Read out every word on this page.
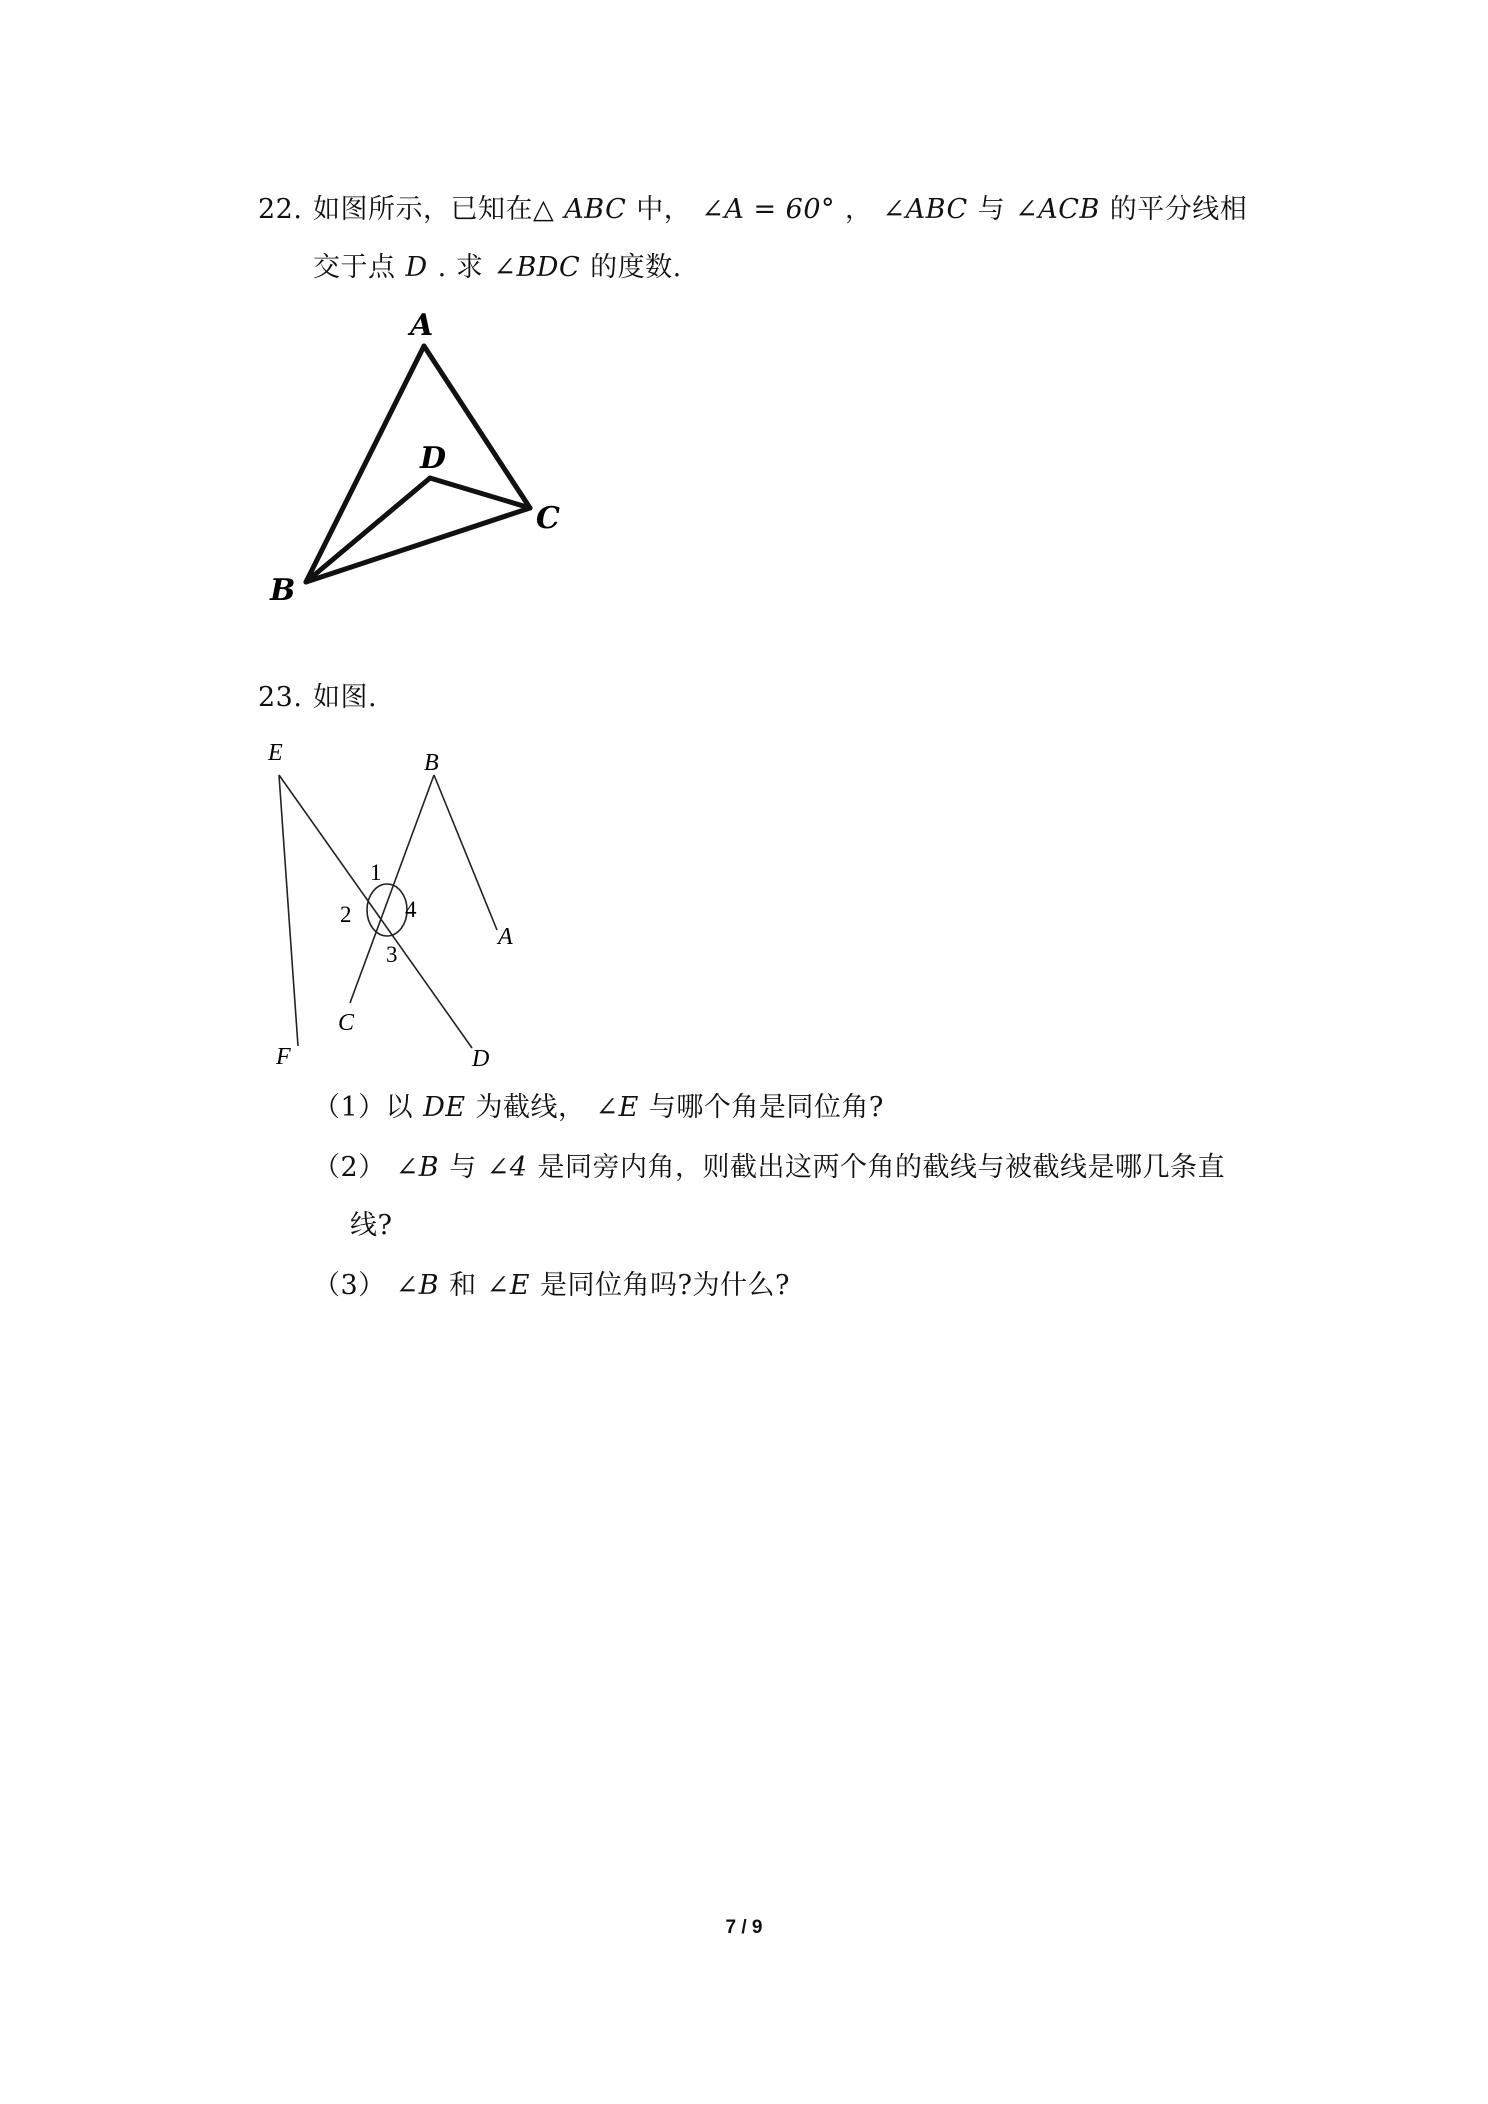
22. 如图所示，已知在△ ABC 中， ∠A = 60° ， ∠ABC 与 ∠ACB 的平分线相
交于点 D . 求 ∠BDC 的度数.
A
D
C
B
23. 如图.
E	B
A
F
C
D
1
2 4
3
（1）以 DE 为截线， ∠E 与哪个角是同位角?
（2） ∠B 与 ∠4 是同旁内角，则截出这两个角的截线与被截线是哪几条直
线?
（3） ∠B 和 ∠E 是同位角吗?为什么?
7 / 9
